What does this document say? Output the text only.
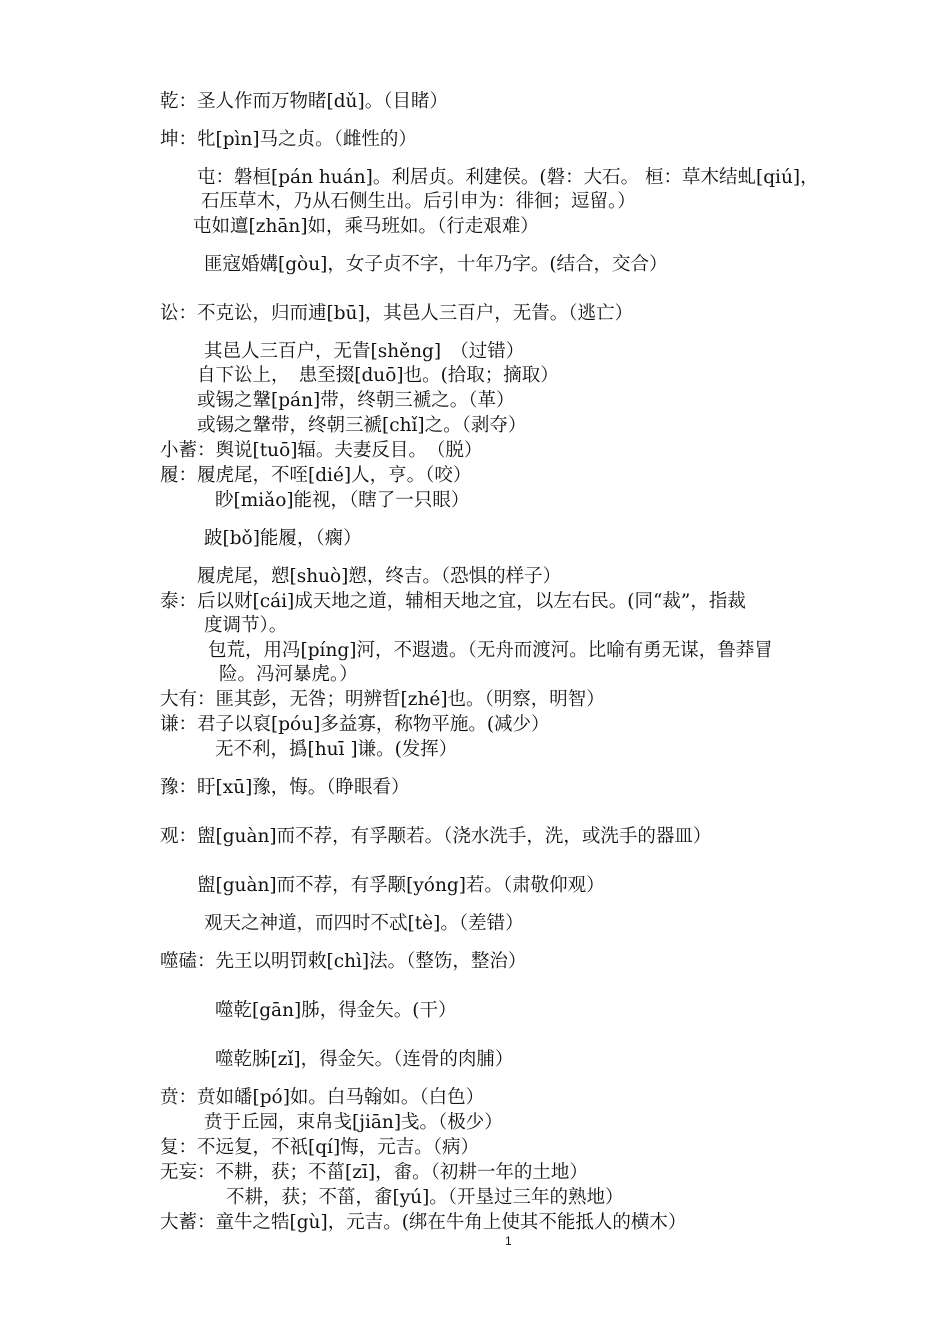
乾：圣人作而万物睹[dǔ]。（目睹）
坤：牝[pìn]马之贞。（雌性的）
屯：磐桓[pán huán]。利居贞。利建侯。(磐：大石。 桓：草木结虬[qiú]，
石压草木，乃从石侧生出。后引申为：徘徊；逗留。）
屯如邅[zhān]如，乘马班如。（行走艰难）
匪寇婚媾[gòu]，女子贞不字，十年乃字。(结合，交合）
讼：不克讼，归而逋[bū]，其邑人三百户，无眚。（逃亡）
其邑人三百户，无眚[shěng]　（过错）
自下讼上，　患至掇[duō]也。(拾取；摘取）
或锡之鞶[pán]带，终朝三褫之。（革）
或锡之鞶带，终朝三褫[chǐ]之。（剥夺）
小蓄：舆说[tuō]辐。夫妻反目。　（脱）
履：履虎尾，不咥[dié]人，亨。（咬）
眇[miǎo]能视，（瞎了一只眼）
跛[bǒ]能履，（瘸）
履虎尾，愬[shuò]愬，终吉。（恐惧的样子）
泰：后以财[cái]成天地之道，辅相天地之宜，以左右民。(同“裁”，指裁
度调节）。
包荒，用冯[píng]河，不遐遗。（无舟而渡河。比喻有勇无谋，鲁莽冒
险。冯河暴虎。）
大有：匪其彭，无咎；明辨晢[zhé]也。（明察，明智）
谦：君子以裒[póu]多益寡，称物平施。(减少）
无不利，撝[huī ]谦。(发挥）
豫：盱[xū]豫，悔。（睁眼看）
观：盥[guàn]而不荐，有孚颙若。（浇水洗手，洗，或洗手的器皿）
盥[guàn]而不荐，有孚颙[yóng]若。（肃敬仰观）
观天之神道，而四时不忒[tè]。（差错）
噬磕：先王以明罚敕[chì]法。（整饬，整治）
噬乾[gān]胏，得金矢。(干）
噬乾胏[zǐ]，得金矢。（连骨的肉脯）
贲：贲如皤[pó]如。白马翰如。（白色）
贲于丘园，束帛戋[jiān]戋。（极少）
复：不远复，不祇[qí]悔，元吉。（病）
无妄：不耕，获；不菑[zī]，畬。（初耕一年的土地）
不耕，获；不菑，畬[yú]。（开垦过三年的熟地）
大蓄：童牛之牿[gù]，元吉。(绑在牛角上使其不能抵人的横木）
1
